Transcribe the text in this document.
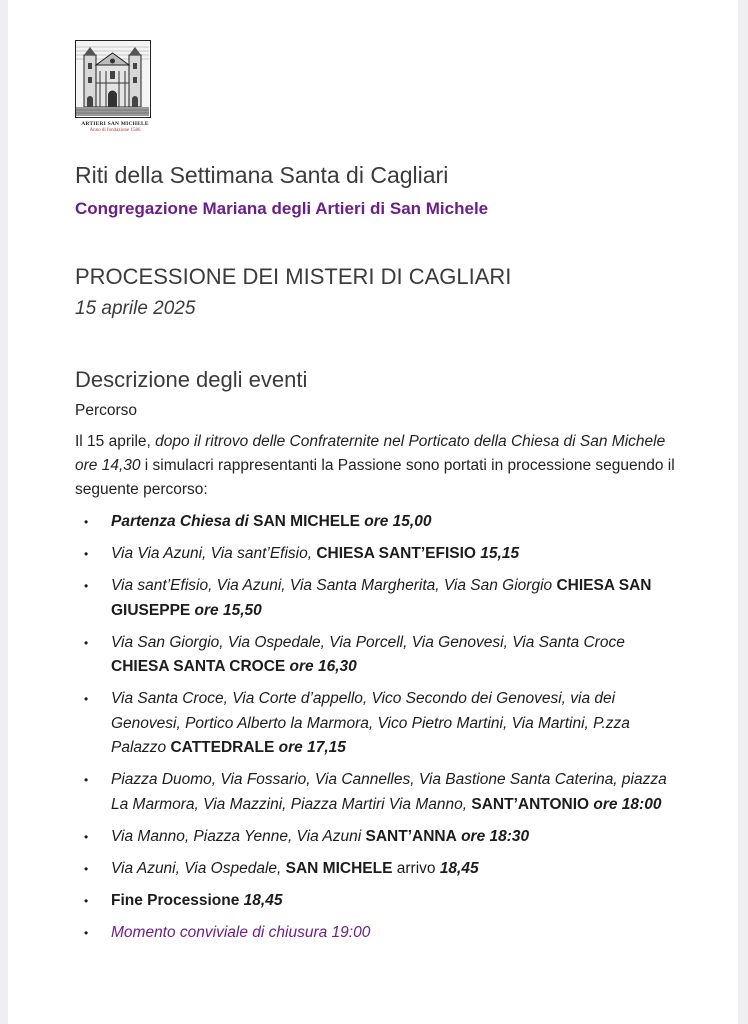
ARTIERI SAN MICHELE
Anno di fondazione 1586
Riti della Settimana Santa di Cagliari
Congregazione Mariana degli Artieri di San Michele
PROCESSIONE DEI MISTERI DI CAGLIARI
15 aprile 2025
Descrizione degli eventi
Percorso
Il 15 aprile, dopo il ritrovo delle Confraternite nel Porticato della Chiesa di San Michele ore 14,30 i simulacri rappresentanti la Passione sono portati in processione seguendo il seguente percorso:
• Partenza Chiesa di SAN MICHELE ore 15,00
• Via Via Azuni, Via sant’Efisio, CHIESA SANT’EFISIO 15,15
• Via sant’Efisio, Via Azuni, Via Santa Margherita, Via San Giorgio CHIESA SAN GIUSEPPE ore 15,50
• Via San Giorgio, Via Ospedale, Via Porcell, Via Genovesi, Via Santa Croce CHIESA SANTA CROCE ore 16,30
• Via Santa Croce, Via Corte d’appello, Vico Secondo dei Genovesi, via dei Genovesi, Portico Alberto la Marmora, Vico Pietro Martini, Via Martini, P.zza Palazzo CATTEDRALE ore 17,15
• Piazza Duomo, Via Fossario, Via Cannelles, Via Bastione Santa Caterina, piazza La Marmora, Via Mazzini, Piazza Martiri Via Manno, SANT’ANTONIO ore 18:00
• Via Manno, Piazza Yenne, Via Azuni SANT’ANNA ore 18:30
• Via Azuni, Via Ospedale, SAN MICHELE arrivo 18,45
• Fine Processione 18,45
• Momento conviviale di chiusura 19:00
